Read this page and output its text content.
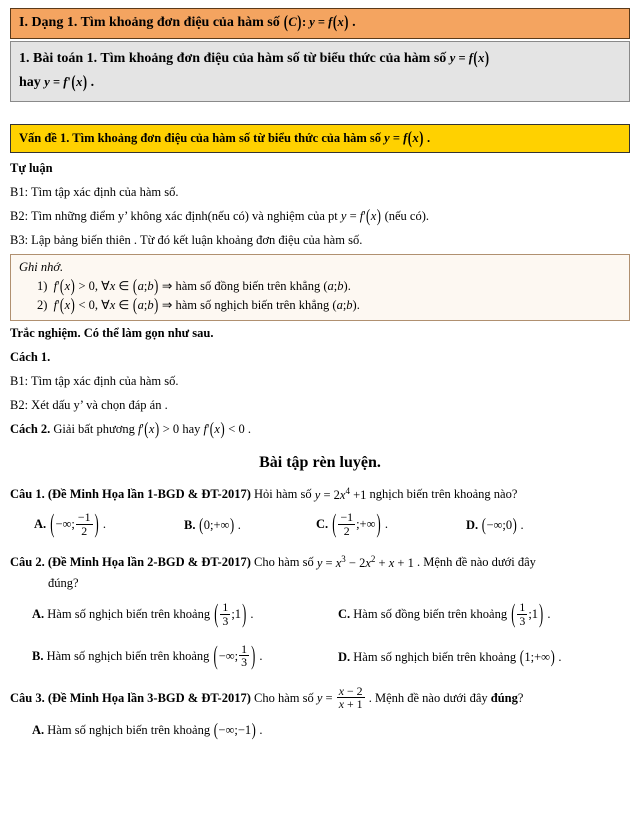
I. Dạng 1. Tìm khoảng đơn điệu của hàm số (C): y = f(x) .
1. Bài toán 1. Tìm khoảng đơn điệu của hàm số từ biểu thức của hàm số y = f(x)
hay y = f'(x) .
Vấn đề 1. Tìm khoảng đơn điệu của hàm số từ biểu thức của hàm số y = f(x) .
Tự luận
B1: Tìm tập xác định của hàm số.
B2: Tìm những điểm y’ không xác định(nếu có) và nghiệm của pt y = f'(x) (nếu có).
B3: Lập bảng biến thiên . Từ đó kết luận khoảng đơn điệu của hàm số.
Ghi nhớ.
1) f'(x) > 0, ∀x ∈ (a;b) ⇒ hàm số đồng biến trên khẳng (a;b).
2) f'(x) < 0, ∀x ∈ (a;b) ⇒ hàm số nghịch biến trên khẳng (a;b).
Trắc nghiệm. Có thể làm gọn như sau.
Cách 1.
B1: Tìm tập xác định của hàm số.
B2: Xét dấu y’ và chọn đáp án .
Cách 2. Giải bất phương f'(x) > 0 hay f'(x) < 0 .
Bài tập rèn luyện.
Câu 1. (Đề Minh Họa lần 1-BGD & ĐT-2017) Hỏi hàm số $y = 2x^4 +1$ nghịch biến trên khoảng nào?
A. (−∞; $\frac{-1}{2}$ ) .	B. (0;+∞) .	C. ( $\frac{-1}{2}$ ;+∞) .	D. (−∞;0) .
Câu 2. (Đề Minh Họa lần 2-BGD & ĐT-2017) Cho hàm số $y = x^3 - 2x^2 + x + 1$ . Mệnh đề nào dưới đây
đúng?
A. Hàm số nghịch biến trên khoảng ( $\frac{1}{3}$ ;1) .	C. Hàm số đồng biến trên khoảng ( $\frac{1}{3}$ ;1) .
B. Hàm số nghịch biến trên khoảng (−∞; $\frac{1}{3}$ ) .	D. Hàm số nghịch biến trên khoảng (1;+∞) .
Câu 3. (Đề Minh Họa lần 3-BGD & ĐT-2017) Cho hàm số $y = \frac{x - 2}{x + 1}$ . Mệnh đề nào dưới đây đúng?
A. Hàm số nghịch biến trên khoảng (−∞;−1) .
